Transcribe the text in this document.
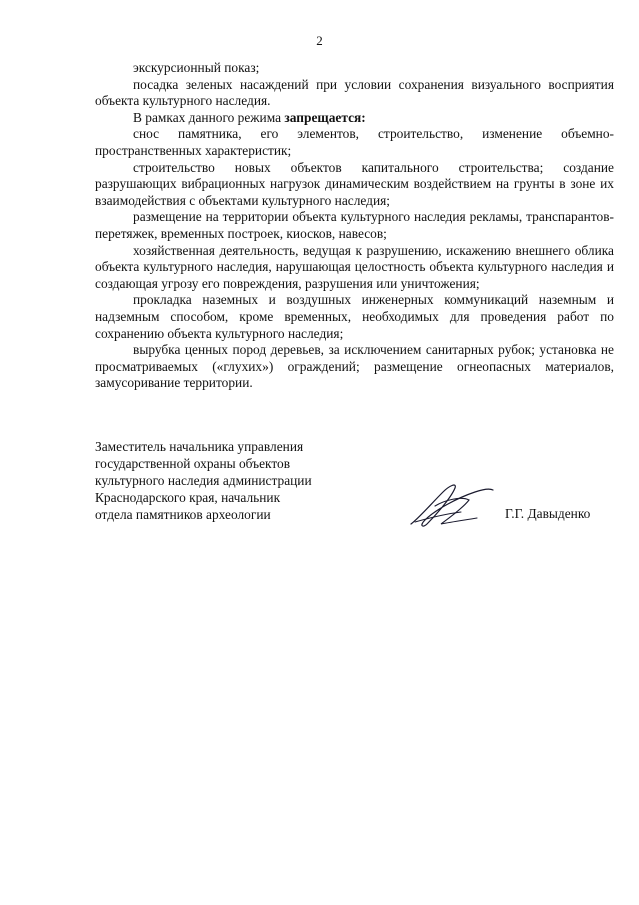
2

экскурсионный показ;

посадка зеленых насаждений при условии сохранения визуального восприятия объекта культурного наследия.

В рамках данного режима запрещается:

снос памятника, его элементов, строительство, изменение объемно-пространственных характеристик;

строительство новых объектов капитального строительства; создание разрушающих вибрационных нагрузок динамическим воздействием на грунты в зоне их взаимодействия с объектами культурного наследия;

размещение на территории объекта культурного наследия рекламы, транспарантов-перетяжек, временных построек, киосков, навесов;

хозяйственная деятельность, ведущая к разрушению, искажению внешнего облика объекта культурного наследия, нарушающая целостность объекта культурного наследия и создающая угрозу его повреждения, разрушения или уничтожения;

прокладка наземных и воздушных инженерных коммуникаций наземным и надземным способом, кроме временных, необходимых для проведения работ по сохранению объекта культурного наследия;

вырубка ценных пород деревьев, за исключением санитарных рубок; установка не просматриваемых («глухих») ограждений; размещение огнеопасных материалов, замусоривание территории.

Заместитель начальника управления
государственной охраны объектов
культурного наследия администрации
Краснодарского края, начальник
отдела памятников археологии	Г.Г. Давыденко
